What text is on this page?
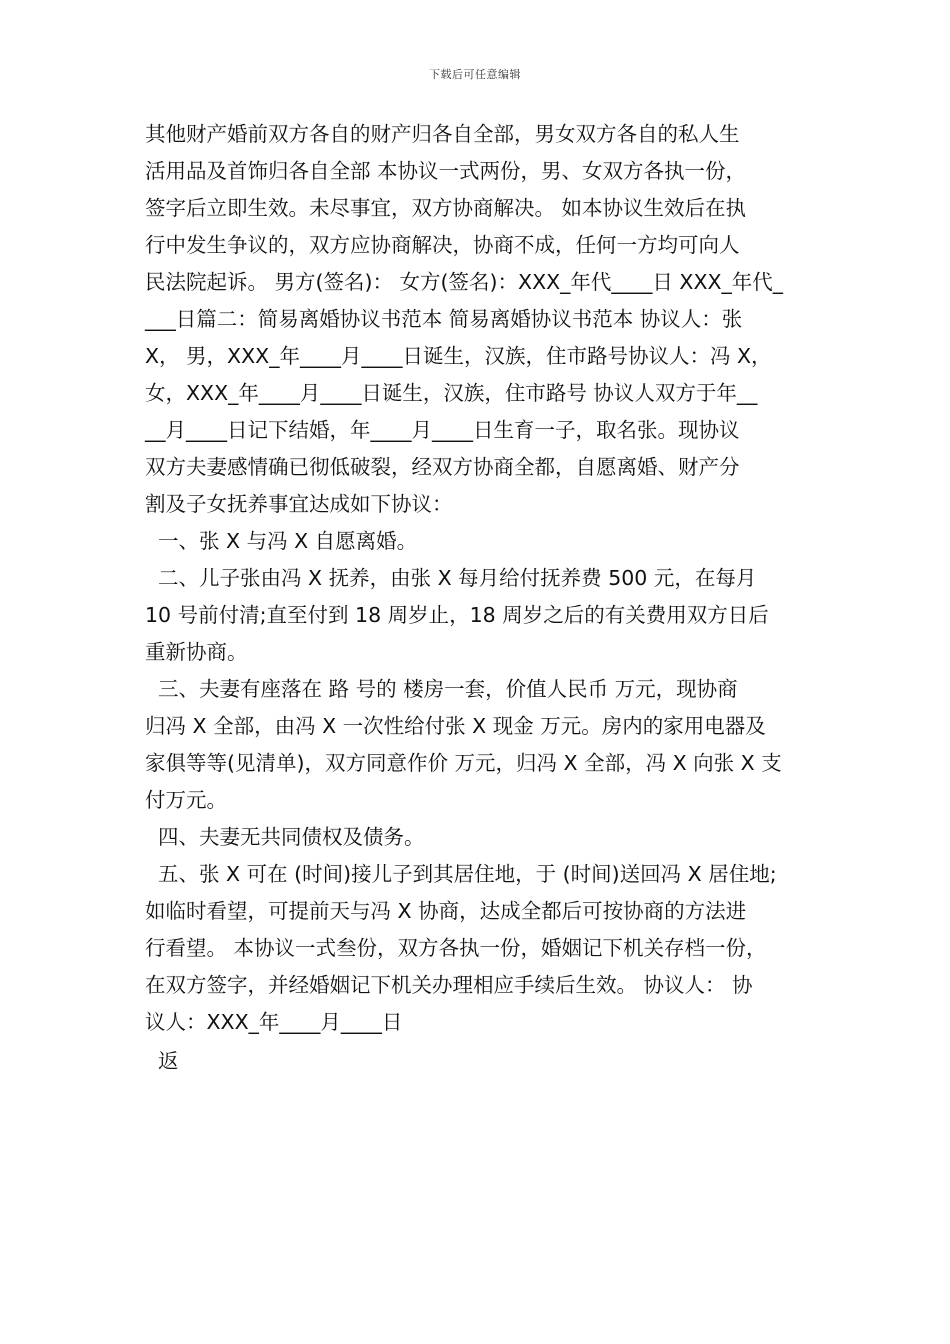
下载后可任意编辑
其他财产婚前双方各自的财产归各自全部，男女双方各自的私人生
活用品及首饰归各自全部 本协议一式两份，男、女双方各执一份，
签字后立即生效。未尽事宜，双方协商解决。 如本协议生效后在执
行中发生争议的，双方应协商解决，协商不成，任何一方均可向人
民法院起诉。 男方(签名)： 女方(签名)：XXX_年代____日 XXX_年代_
___日篇二：简易离婚协议书范本 简易离婚协议书范本 协议人：张
X， 男，XXX_年____月____日诞生，汉族，住市路号协议人：冯 X，
女，XXX_年____月____日诞生，汉族，住市路号 协议人双方于年__
__月____日记下结婚，年____月____日生育一子，取名张。现协议
双方夫妻感情确已彻低破裂，经双方协商全都，自愿离婚、财产分
割及子女抚养事宜达成如下协议：
一、张 X 与冯 X 自愿离婚。
二、儿子张由冯 X 抚养，由张 X 每月给付抚养费 500 元，在每月
10 号前付清;直至付到 18 周岁止，18 周岁之后的有关费用双方日后
重新协商。
三、夫妻有座落在 路 号的 楼房一套，价值人民币 万元，现协商
归冯 X 全部，由冯 X 一次性给付张 X 现金 万元。房内的家用电器及
家俱等等(见清单)，双方同意作价 万元，归冯 X 全部，冯 X 向张 X 支
付万元。
四、夫妻无共同债权及债务。
五、张 X 可在 (时间)接儿子到其居住地，于 (时间)送回冯 X 居住地;
如临时看望，可提前天与冯 X 协商，达成全都后可按协商的方法进
行看望。 本协议一式叁份，双方各执一份，婚姻记下机关存档一份，
在双方签字，并经婚姻记下机关办理相应手续后生效。 协议人： 协
议人：XXX_年____月____日
返
